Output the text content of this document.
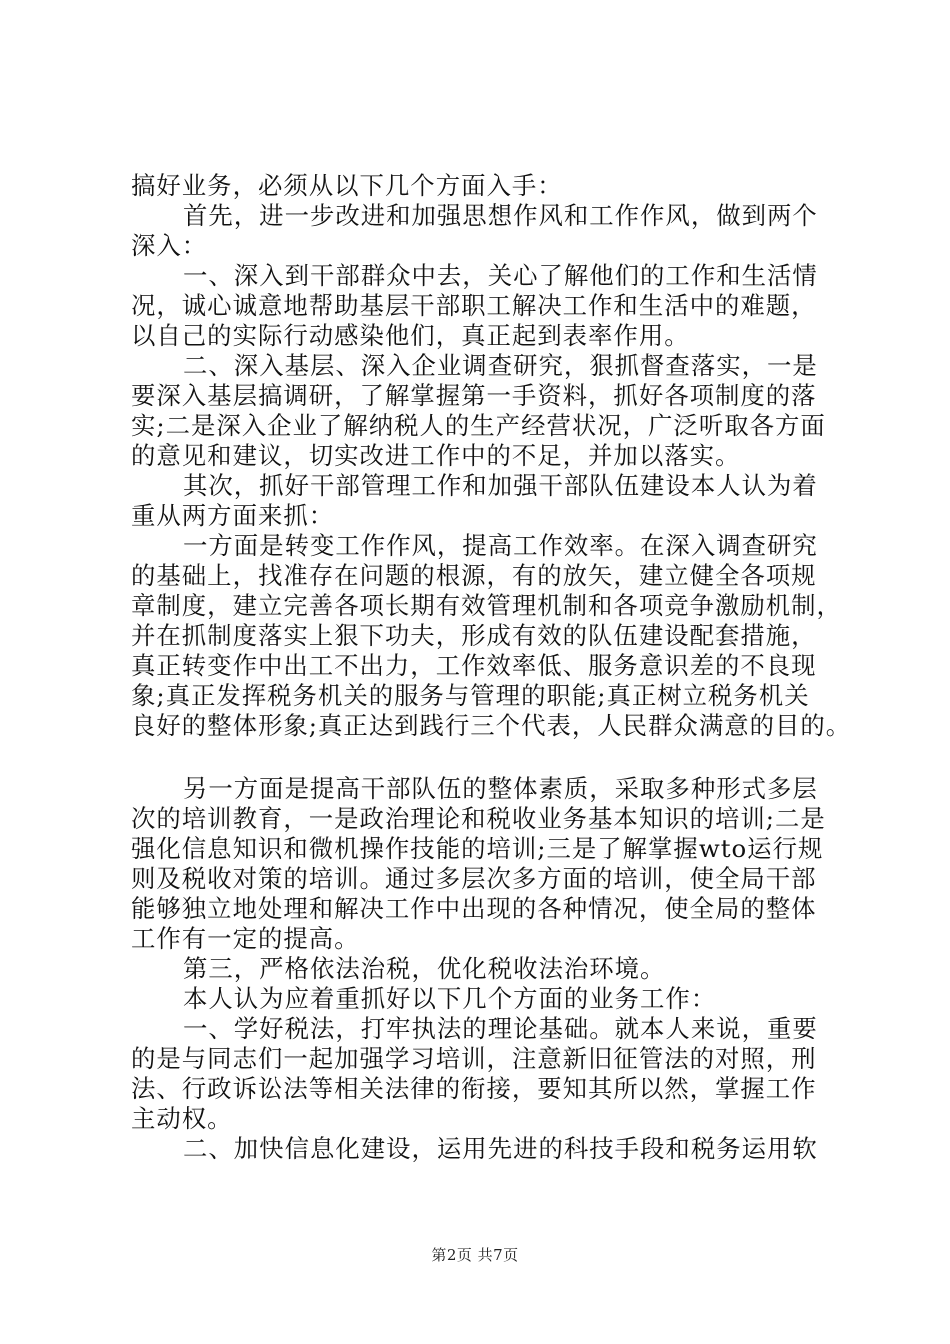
搞好业务，必须从以下几个方面入手：
首先，进一步改进和加强思想作风和工作作风，做到两个
深入：
一、深入到干部群众中去，关心了解他们的工作和生活情
况，诚心诚意地帮助基层干部职工解决工作和生活中的难题，
以自己的实际行动感染他们，真正起到表率作用。
二、深入基层、深入企业调查研究，狠抓督查落实，一是
要深入基层搞调研，了解掌握第一手资料，抓好各项制度的落
实;二是深入企业了解纳税人的生产经营状况，广泛听取各方面
的意见和建议，切实改进工作中的不足，并加以落实。
其次，抓好干部管理工作和加强干部队伍建设本人认为着
重从两方面来抓：
一方面是转变工作作风，提高工作效率。在深入调查研究
的基础上，找准存在问题的根源，有的放矢，建立健全各项规
章制度，建立完善各项长期有效管理机制和各项竞争激励机制，
并在抓制度落实上狠下功夫，形成有效的队伍建设配套措施，
真正转变作中出工不出力，工作效率低、服务意识差的不良现
象;真正发挥税务机关的服务与管理的职能;真正树立税务机关
良好的整体形象;真正达到践行三个代表，人民群众满意的目的。
另一方面是提高干部队伍的整体素质，采取多种形式多层
次的培训教育，一是政治理论和税收业务基本知识的培训;二是
强化信息知识和微机操作技能的培训;三是了解掌握wto运行规
则及税收对策的培训。通过多层次多方面的培训，使全局干部
能够独立地处理和解决工作中出现的各种情况，使全局的整体
工作有一定的提高。
第三，严格依法治税，优化税收法治环境。
本人认为应着重抓好以下几个方面的业务工作：
一、学好税法，打牢执法的理论基础。就本人来说，重要
的是与同志们一起加强学习培训，注意新旧征管法的对照，刑
法、行政诉讼法等相关法律的衔接，要知其所以然，掌握工作
主动权。
二、加快信息化建设，运用先进的科技手段和税务运用软
第2页 共7页
